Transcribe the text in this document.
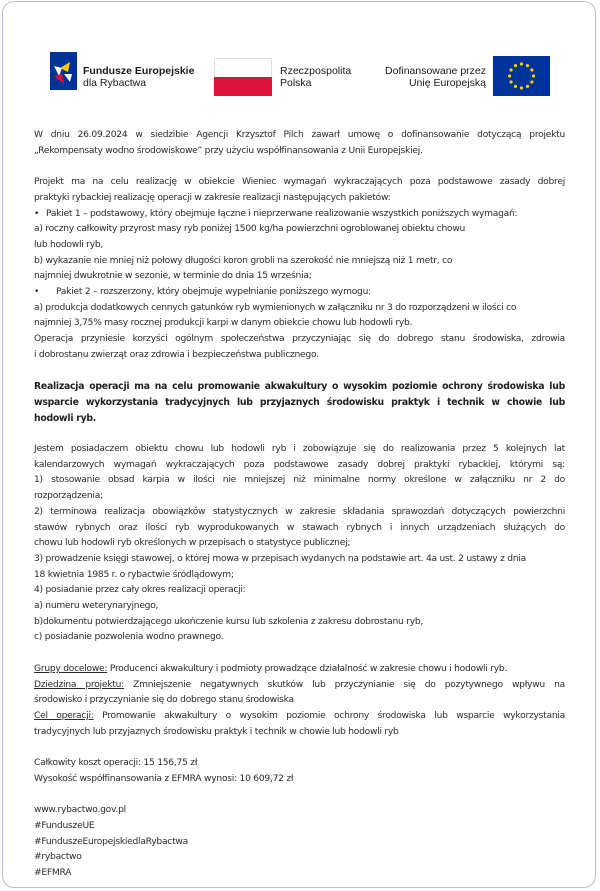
Fundusze Europejskie
dla Rybactwa

Rzeczpospolita
Polska

Dofinansowane przez
Unię Europejską

W dniu 26.09.2024 w siedzibie Agencji Krzysztof Pilch zawarł umowę o dofinansowanie dotyczącą projektu

„Rekompensaty wodno środowiskowe” przy użyciu współfinansowania z Unii Europejskiej.

Projekt ma na celu realizację w obiekcie Wieniec wymagań wykraczających poza podstawowe zasady dobrej

praktyki rybackiej realizację operacji w zakresie realizacji następujących pakietów:

• Pakiet 1 – podstawowy, który obejmuje łączne i nieprzerwane realizowanie wszystkich poniższych wymagań:

a) roczny całkowity przyrost masy ryb poniżej 1500 kg/ha powierzchni ogroblowanej obiektu chowu

lub hodowli ryb,

b) wykazanie nie mniej niż połowy długości koron grobli na szerokość nie mniejszą niż 1 metr, co

najmniej dwukrotnie w sezonie, w terminie do dnia 15 września;

• Pakiet 2 – rozszerzony, który obejmuje wypełnianie poniższego wymogu:

a) produkcja dodatkowych cennych gatunków ryb wymienionych w załączniku nr 3 do rozporządzeni w ilości co

najmniej 3,75% masy rocznej produkcji karpi w danym obiekcie chowu lub hodowli ryb.

Operacja przyniesie korzyści ogólnym społeczeństwa przyczyniając się do dobrego stanu środowiska, zdrowia

i dobrostanu zwierząt oraz zdrowia i bezpieczeństwa publicznego.

Realizacja operacji ma na celu promowanie akwakultury o wysokim poziomie ochrony środowiska lub

wsparcie wykorzystania tradycyjnych lub przyjaznych środowisku praktyk i technik w chowie lub

hodowli ryb.

Jestem posiadaczem obiektu chowu lub hodowli ryb i zobowiązuje się do realizowania przez 5 kolejnych lat

kalendarzowych wymagań wykraczających poza podstawowe zasady dobrej praktyki rybackiej, którymi są:

1) stosowanie obsad karpia w ilości nie mniejszej niż minimalne normy określone w załączniku nr 2 do

rozporządzenia;

2) terminowa realizacja obowiązków statystycznych w zakresie składania sprawozdań dotyczących powierzchni

stawów rybnych oraz ilości ryb wyprodukowanych w stawach rybnych i innych urządzeniach służących do

chowu lub hodowli ryb określonych w przepisach o statystyce publicznej;

3) prowadzenie księgi stawowej, o której mowa w przepisach wydanych na podstawie art. 4a ust. 2 ustawy z dnia

18 kwietnia 1985 r. o rybactwie śródlądowym;

4) posiadanie przez cały okres realizacji operacji:

a) numeru weterynaryjnego,

b)dokumentu potwierdzającego ukończenie kursu lub szkolenia z zakresu dobrostanu ryb,

c) posiadanie pozwolenia wodno prawnego.

Grupy docelowe: Producenci akwakultury i podmioty prowadzące działalność w zakresie chowu i hodowli ryb.

Dziedzina projektu: Zmniejszenie negatywnych skutków lub przyczynianie się do pozytywnego wpływu na

środowisko i przyczynianie się do dobrego stanu środowiska

Cel operacji: Promowanie akwakultury o wysokim poziomie ochrony środowiska lub wsparcie wykorzystania

tradycyjnych lub przyjaznych środowisku praktyk i technik w chowie lub hodowli ryb

Całkowity koszt operacji: 15 156,75 zł

Wysokość współfinansowania z EFMRA wynosi: 10 609,72 zł

www.rybactwo.gov.pl

#FunduszeUE

#FunduszeEuropejskiedlaRybactwa

#rybactwo

#EFMRA
